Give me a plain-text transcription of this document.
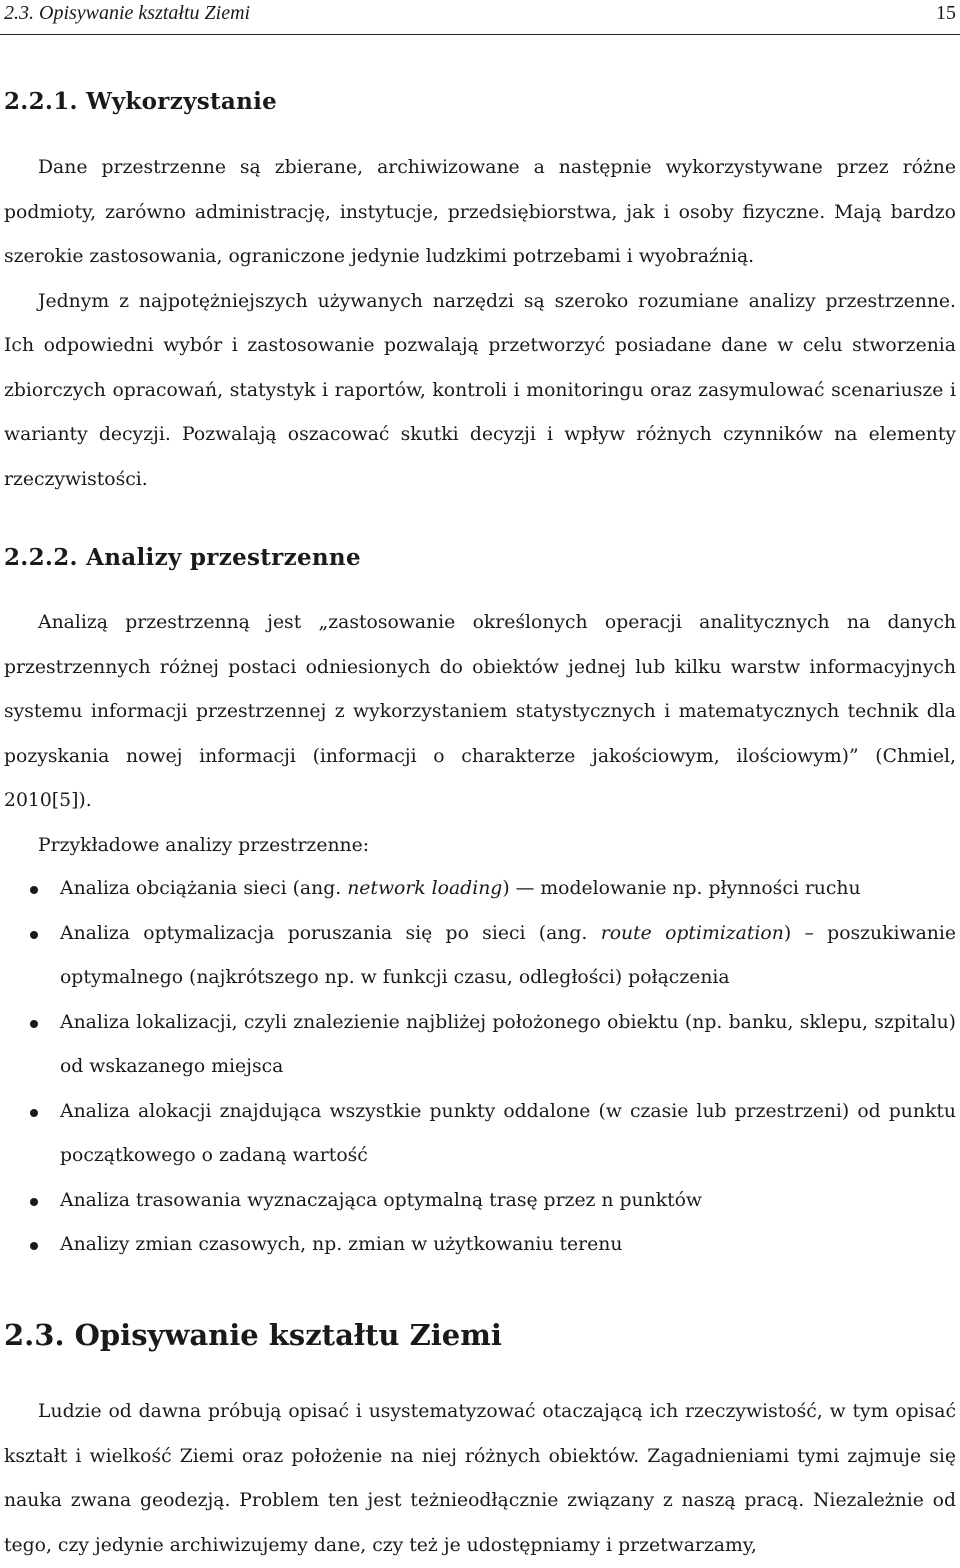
2.3. Opisywanie kształtu Ziemi	15
2.2.1. Wykorzystanie

Dane przestrzenne są zbierane, archiwizowane a następnie wykorzystywane przez różne podmioty, zarówno administrację, instytucje, przedsiębiorstwa, jak i osoby fizyczne. Mają bardzo szerokie zastosowania, ograniczone jedynie ludzkimi potrzebami i wyobraźnią.

Jednym z najpotężniejszych używanych narzędzi są szeroko rozumiane analizy przestrzenne. Ich odpowiedni wybór i zastosowanie pozwalają przetworzyć posiadane dane w celu stworzenia zbiorczych opracowań, statystyk i raportów, kontroli i monitoringu oraz zasymulować scenariusze i warianty decyzji. Pozwalają oszacować skutki decyzji i wpływ różnych czynników na elementy rzeczywistości.

2.2.2. Analizy przestrzenne

Analizą przestrzenną jest „zastosowanie określonych operacji analitycznych na danych przestrzennych różnej postaci odniesionych do obiektów jednej lub kilku warstw informacyjnych systemu informacji przestrzennej z wykorzystaniem statystycznych i matematycznych technik dla pozyskania nowej informacji (informacji o charakterze jakościowym, ilościowym)” (Chmiel, 2010[5]).

Przykładowe analizy przestrzenne:

Analiza obciążania sieci (ang. network loading) — modelowanie np. płynności ruchu
Analiza optymalizacja poruszania się po sieci (ang. route optimization) – poszukiwanie optymalnego (najkrótszego np. w funkcji czasu, odległości) połączenia
Analiza lokalizacji, czyli znalezienie najbliżej położonego obiektu (np. banku, sklepu, szpitalu) od wskazanego miejsca
Analiza alokacji znajdująca wszystkie punkty oddalone (w czasie lub przestrzeni) od punktu początkowego o zadaną wartość
Analiza trasowania wyznaczająca optymalną trasę przez n punktów
Analizy zmian czasowych, np. zmian w użytkowaniu terenu
2.3. Opisywanie kształtu Ziemi

Ludzie od dawna próbują opisać i usystematyzować otaczającą ich rzeczywistość, w tym opisać kształt i wielkość Ziemi oraz położenie na niej różnych obiektów. Zagadnieniami tymi zajmuje się nauka zwana geodezją. Problem ten jest teżnieodłącznie związany z naszą pracą. Niezależnie od tego, czy jedynie archiwizujemy dane, czy też je udostępniamy i przetwarzamy,
